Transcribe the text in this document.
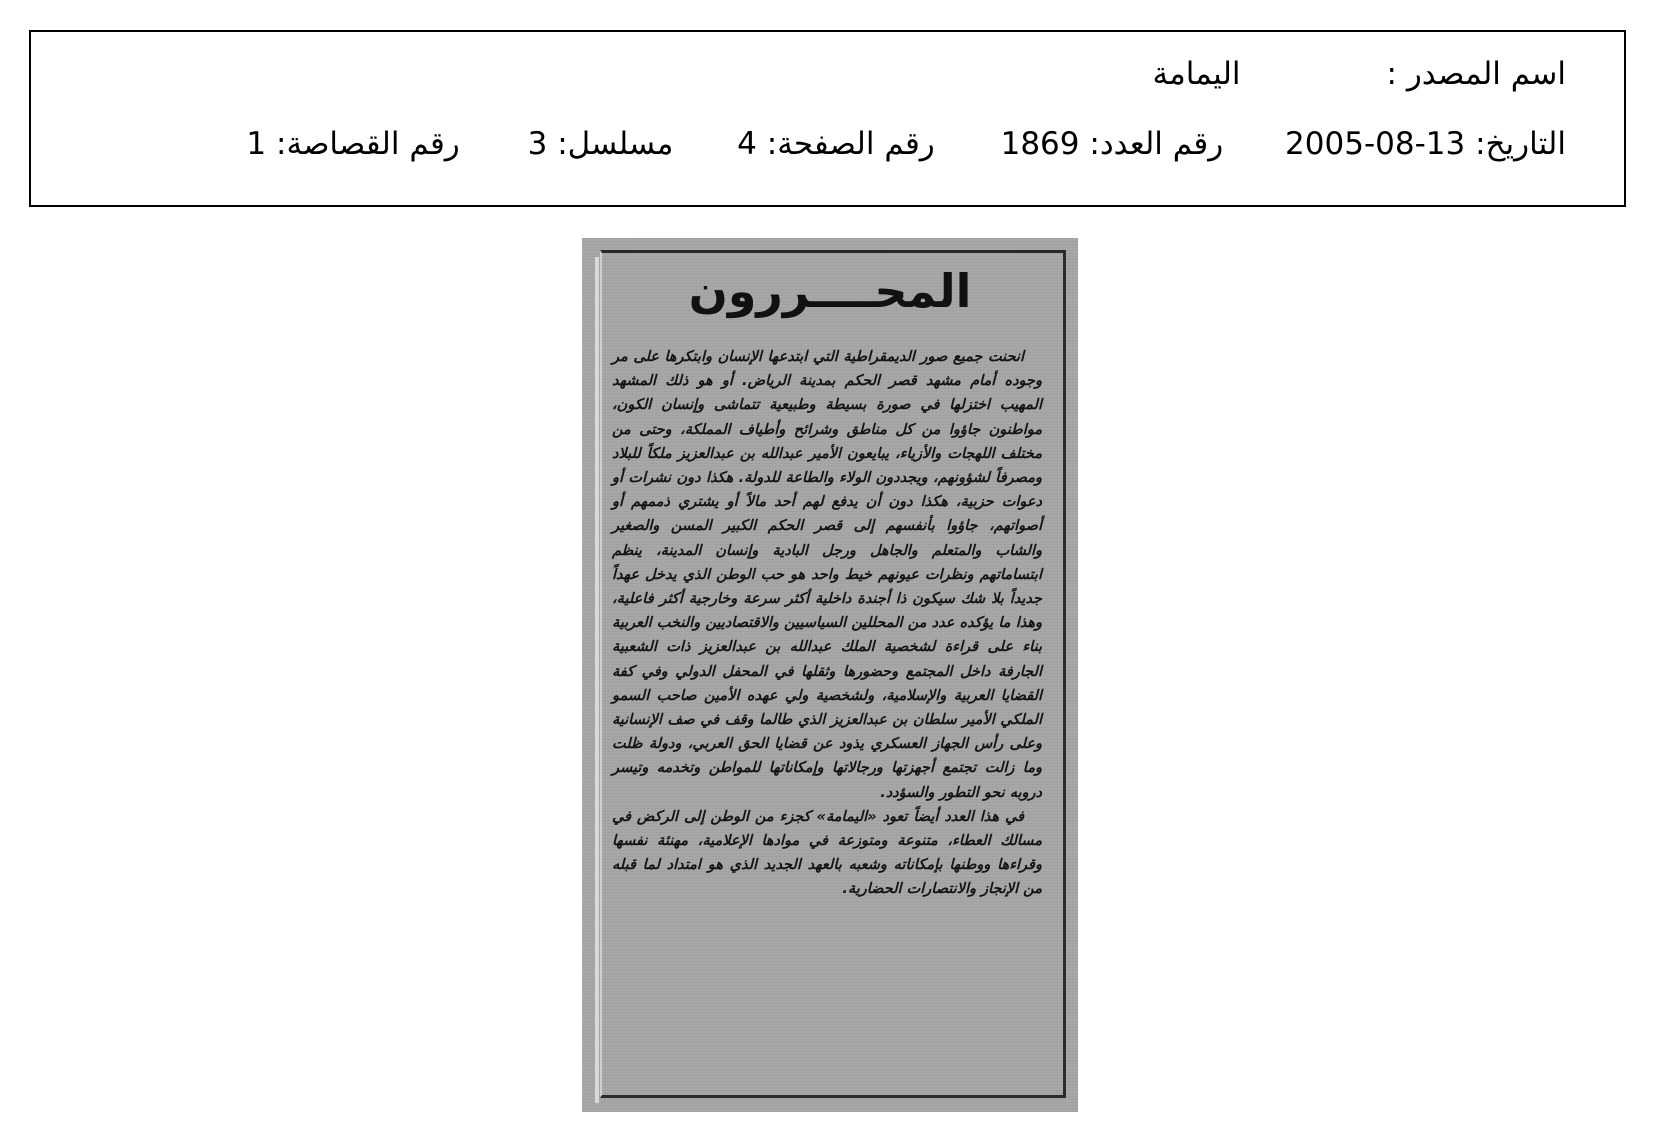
اسم المصدر :اليمامة
التاريخ: 2005-08-13 رقم العدد: 1869 رقم الصفحة: 4 مسلسل: 3 رقم القصاصة: 1
المحــــررون

انحنت جميع صور الديمقراطية التي ابتدعها الإنسان وابتكرها على مر وجوده أمام مشهد قصر الحكم بمدينة الرياض. أو هو ذلك المشهد المهيب اختزلها في صورة بسيطة وطبيعية تتماشى وإنسان الكون، مواطنون جاؤوا من كل مناطق وشرائح وأطياف المملكة، وحتى من مختلف اللهجات والأزياء، يبايعون الأمير عبدالله بن عبدالعزيز ملكاً للبلاد ومصرفاً لشؤونهم، ويجددون الولاء والطاعة للدولة. هكذا دون نشرات أو دعوات حزبية، هكذا دون أن يدفع لهم أحد مالاً أو يشتري ذممهم أو أصواتهم، جاؤوا بأنفسهم إلى قصر الحكم الكبير المسن والصغير والشاب والمتعلم والجاهل ورجل البادية وإنسان المدينة، ينظم ابتساماتهم ونظرات عيونهم خيط واحد هو حب الوطن الذي يدخل عهداً جديداً بلا شك سيكون ذا أجندة داخلية أكثر سرعة وخارجية أكثر فاعلية، وهذا ما يؤكده عدد من المحللين السياسيين والاقتصاديين والنخب العربية بناء على قراءة لشخصية الملك عبدالله بن عبدالعزيز ذات الشعبية الجارفة داخل المجتمع وحضورها وثقلها في المحفل الدولي وفي كفة القضايا العربية والإسلامية، ولشخصية ولي عهده الأمين صاحب السمو الملكي الأمير سلطان بن عبدالعزيز الذي طالما وقف في صف الإنسانية وعلى رأس الجهاز العسكري يذود عن قضايا الحق العربي، ودولة ظلت وما زالت تجتمع أجهزتها ورجالاتها وإمكاناتها للمواطن وتخدمه وتيسر دروبه نحو التطور والسؤدد.

في هذا العدد أيضاً تعود «اليمامة» كجزء من الوطن إلى الركض في مسالك العطاء، متنوعة ومتوزعة في موادها الإعلامية، مهنئة نفسها وقراءها ووطنها بإمكاناته وشعبه بالعهد الجديد الذي هو امتداد لما قبله من الإنجاز والانتصارات الحضارية.
